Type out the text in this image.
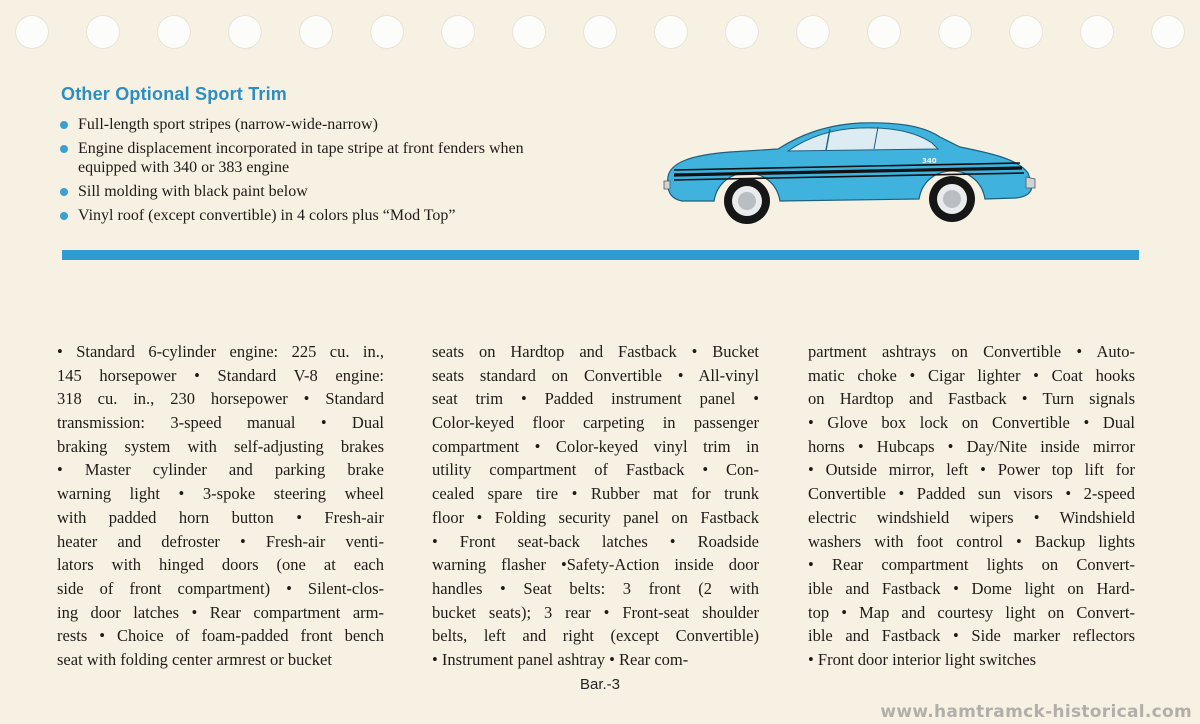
Other Optional Sport Trim
Full-length sport stripes (narrow-wide-narrow)
Engine displacement incorporated in tape stripe at front fenders when equipped with 340 or 383 engine
Sill molding with black paint below
Vinyl roof (except convertible) in 4 colors plus “Mod Top”
340
• Standard 6-cylinder engine: 225 cu. in.,
145 horsepower • Standard V-8 engine:
318 cu. in., 230 horsepower • Standard
transmission: 3-speed manual • Dual
braking system with self-adjusting brakes
• Master cylinder and parking brake
warning light • 3-spoke steering wheel
with padded horn button • Fresh-air
heater and defroster • Fresh-air venti-
lators with hinged doors (one at each
side of front compartment) • Silent-clos-
ing door latches • Rear compartment arm-
rests • Choice of foam-padded front bench
seat with folding center armrest or bucket
seats on Hardtop and Fastback • Bucket
seats standard on Convertible • All-vinyl
seat trim • Padded instrument panel •
Color-keyed floor carpeting in passenger
compartment • Color-keyed vinyl trim in
utility compartment of Fastback • Con-
cealed spare tire • Rubber mat for trunk
floor • Folding security panel on Fastback
• Front seat-back latches • Roadside
warning flasher •Safety-Action inside door
handles • Seat belts: 3 front (2 with
bucket seats); 3 rear • Front-seat shoulder
belts, left and right (except Convertible)
• Instrument panel ashtray • Rear com-
partment ashtrays on Convertible • Auto-
matic choke • Cigar lighter • Coat hooks
on Hardtop and Fastback • Turn signals
• Glove box lock on Convertible • Dual
horns • Hubcaps • Day/Nite inside mirror
• Outside mirror, left • Power top lift for
Convertible • Padded sun visors • 2-speed
electric windshield wipers • Windshield
washers with foot control • Backup lights
• Rear compartment lights on Convert-
ible and Fastback • Dome light on Hard-
top • Map and courtesy light on Convert-
ible and Fastback • Side marker reflectors
• Front door interior light switches
Bar.-3
www.hamtramck-historical.com
